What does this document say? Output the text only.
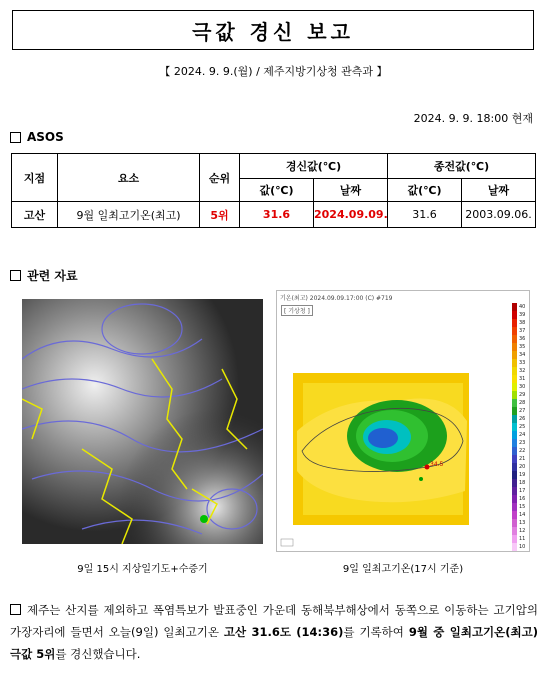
극값 경신 보고
【 2024. 9. 9.(월) / 제주지방기상청 관측과 】
2024. 9. 9. 18:00 현재
ASOS
지점	요소	순위	경신값(℃)		종전값(℃)	
			값(℃)	날짜	값(℃)	날짜
고산	9월 일최고기온(최고)	5위	31.6	2024.09.09.	31.6	2003.09.06.
관련 자료
9일 15시 지상일기도+수증기
기온(최고) 2024.09.09.17:00 (C) #719
[ 기상청 ]
34.5
40
39
38
37
36
35
34
33
32
31
30
29
28
27
26
25
24
23
22
21
20
19
18
17
16
15
14
13
12
11
10
9일 일최고기온(17시 기준)
제주는 산지를 제외하고 폭염특보가 발표중인 가운데 동해북부해상에서 동쪽으로 이동하는 고기압의 가장자리에 들면서 오늘(9일) 일최고기온 고산 31.6도 (14:36)를 기록하여 9월 중 일최고기온(최고) 극값 5위를 경신했습니다.
